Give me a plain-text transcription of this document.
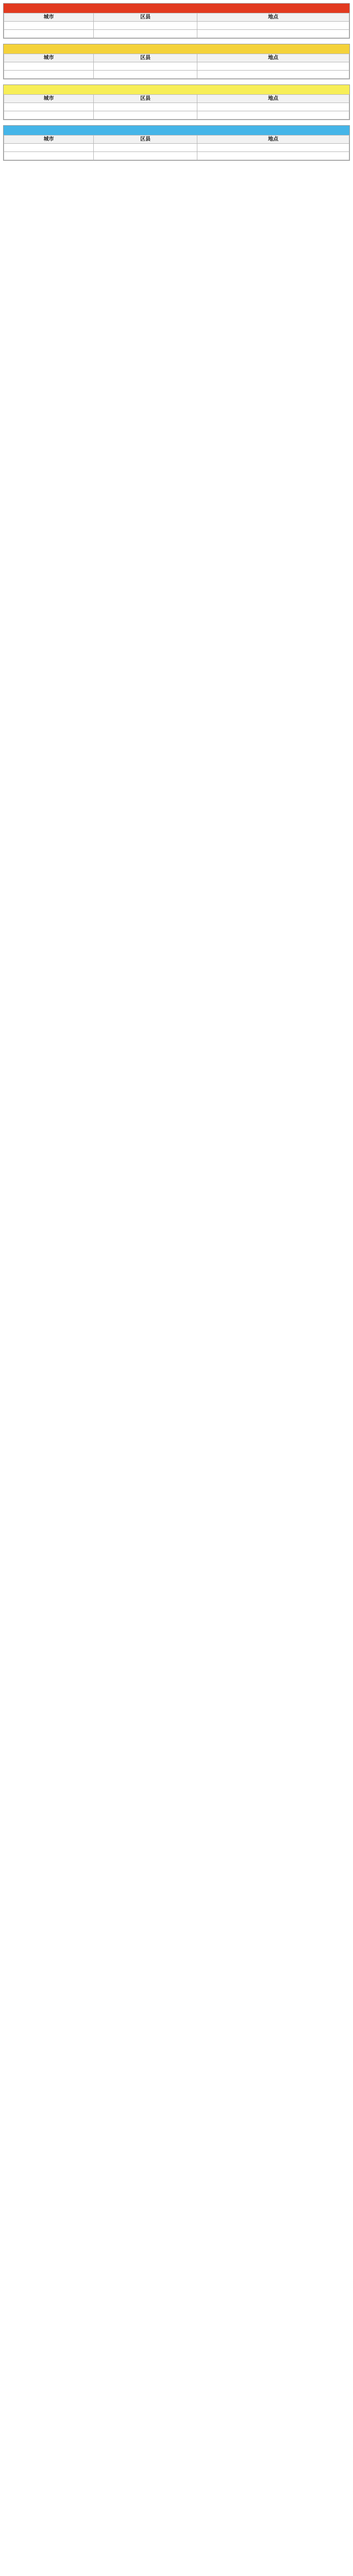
城市	区县	地点

城市	区县	地点

城市	区县	地点

城市	区县	地点
